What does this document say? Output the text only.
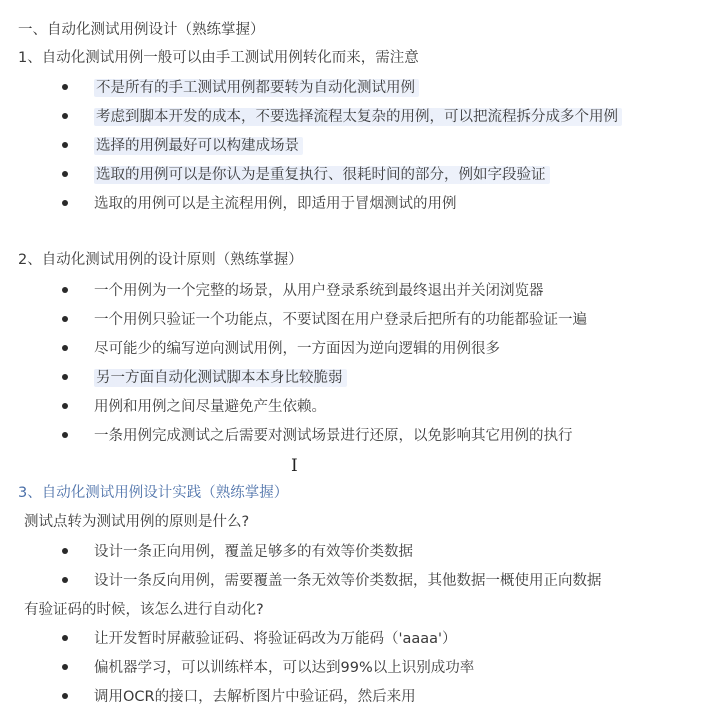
一、自动化测试用例设计（熟练掌握）
1、自动化测试用例一般可以由手工测试用例转化而来，需注意
不是所有的手工测试用例都要转为自动化测试用例
考虑到脚本开发的成本，不要选择流程太复杂的用例，可以把流程拆分成多个用例
选择的用例最好可以构建成场景
选取的用例可以是你认为是重复执行、很耗时间的部分，例如字段验证
选取的用例可以是主流程用例，即适用于冒烟测试的用例
2、自动化测试用例的设计原则（熟练掌握）
一个用例为一个完整的场景，从用户登录系统到最终退出并关闭浏览器
一个用例只验证一个功能点，不要试图在用户登录后把所有的功能都验证一遍
尽可能少的编写逆向测试用例，一方面因为逆向逻辑的用例很多
另一方面自动化测试脚本本身比较脆弱
用例和用例之间尽量避免产生依赖。
一条用例完成测试之后需要对测试场景进行还原，以免影响其它用例的执行
I
3、自动化测试用例设计实践（熟练掌握）
测试点转为测试用例的原则是什么?
设计一条正向用例，覆盖足够多的有效等价类数据
设计一条反向用例，需要覆盖一条无效等价类数据，其他数据一概使用正向数据
有验证码的时候，该怎么进行自动化?
让开发暂时屏蔽验证码、将验证码改为万能码（'aaaa'）
偏机器学习，可以训练样本，可以达到99%以上识别成功率
调用OCR的接口，去解析图片中验证码，然后来用
